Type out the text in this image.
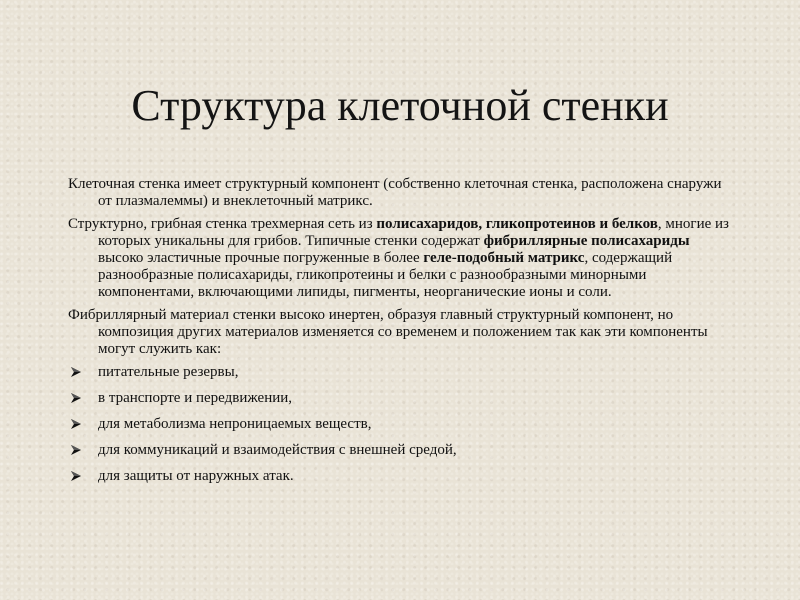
Структура клеточной стенки

Клеточная стенка имеет структурный компонент (собственно клеточная стенка, расположена снаружи от плазмалеммы) и внеклеточный матрикс.

Структурно, грибная стенка трехмерная сеть из полисахаридов, гликопротеинов и белков, многие из которых уникальны для грибов. Типичные стенки содержат фибриллярные полисахариды высоко эластичные прочные погруженные в более геле-подобный матрикс, содержащий разнообразные полисахариды, гликопротеины и белки с разнообразными минорными компонентами, включающими липиды, пигменты, неорганические ионы и соли.

Фибриллярный материал стенки высоко инертен, образуя главный структурный компонент, но композиция других материалов изменяется со временем и положением так как эти компоненты могут служить как:

питательные резервы,
в транспорте и передвижении,
для метаболизма непроницаемых веществ,
для коммуникаций и взаимодействия с внешней средой,
для защиты от наружных атак.
